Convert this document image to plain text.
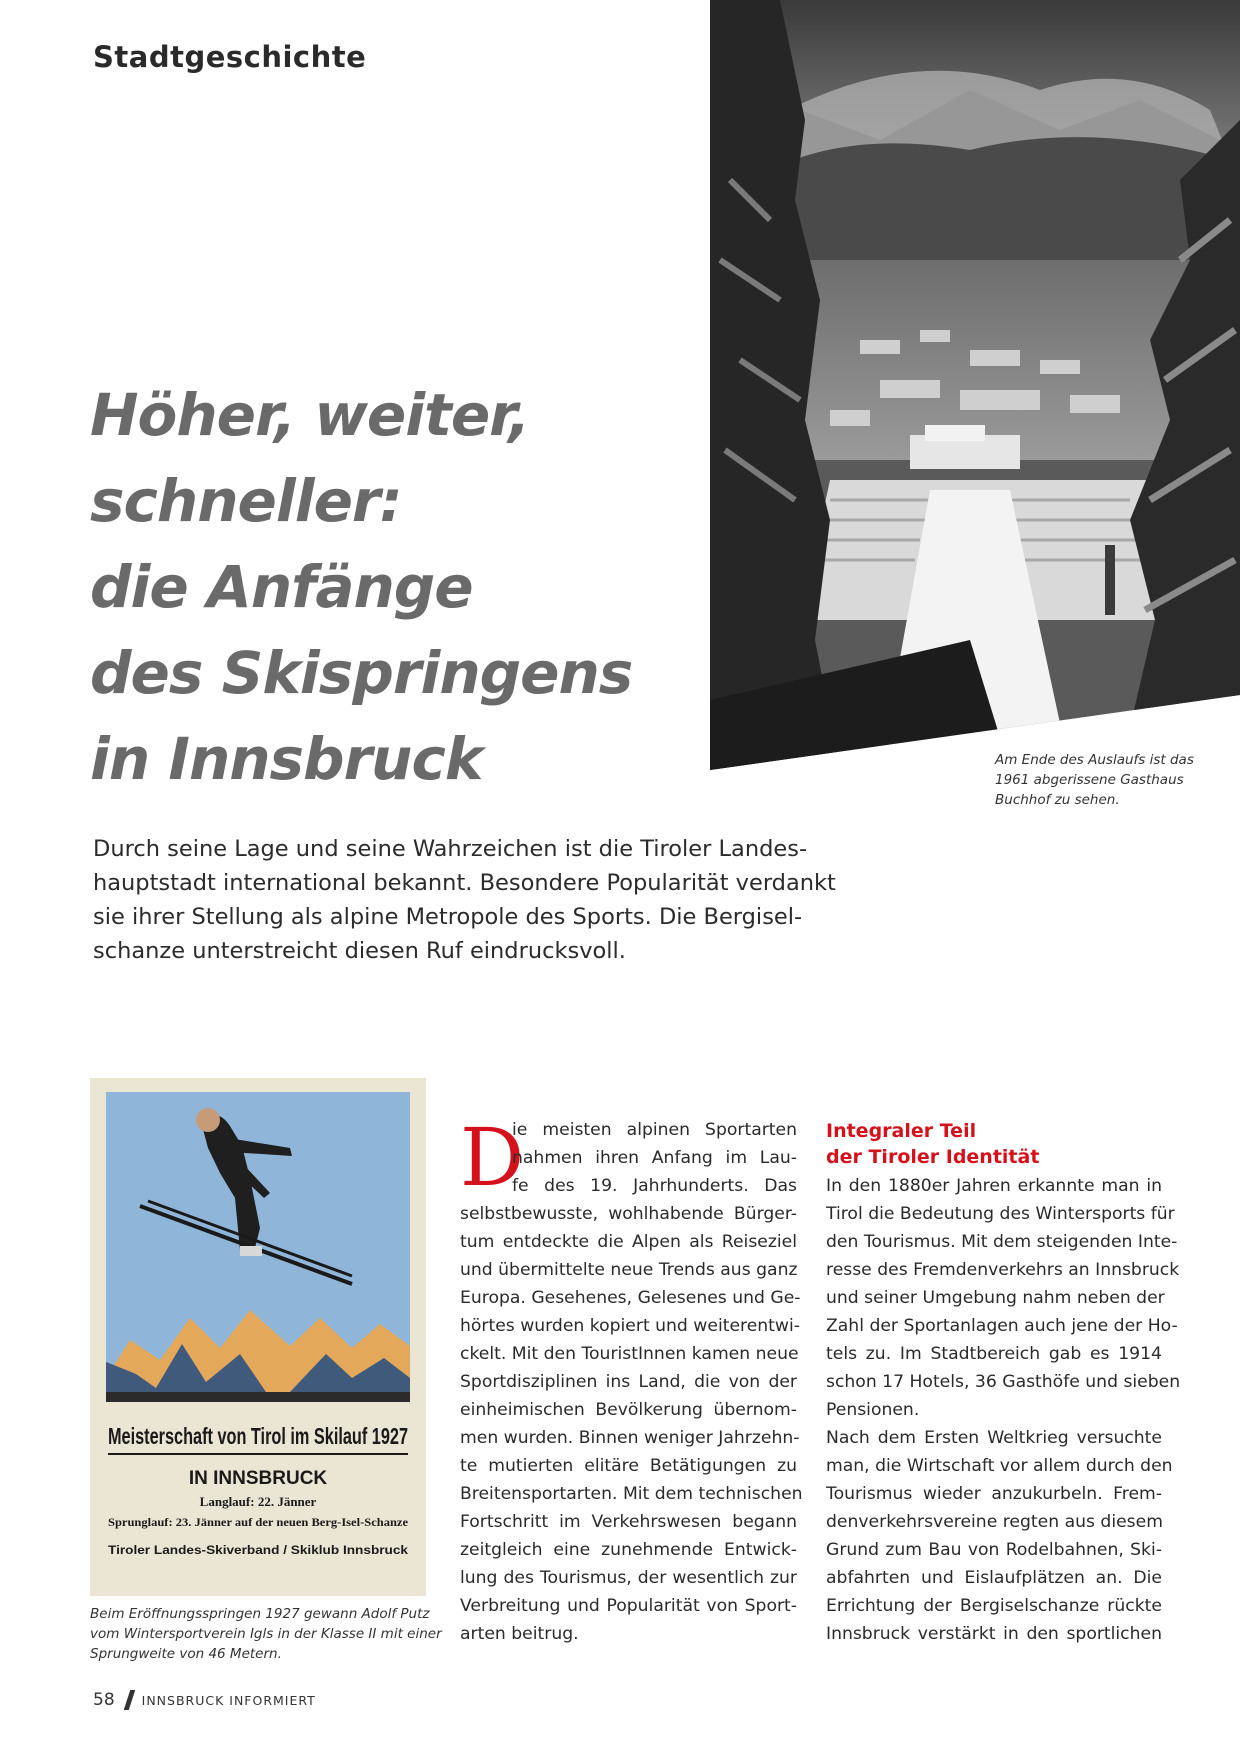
Stadtgeschichte
Am Ende des Auslaufs ist das 1961 abgerissene Gasthaus Buchhof zu sehen.
Höher, weiter,
schneller:
die Anfänge
des Skispringens
in Innsbruck
Durch seine Lage und seine Wahrzeichen ist die Tiroler Landes-
hauptstadt international bekannt. Besondere Popularität verdankt
sie ihrer Stellung als alpine Metropole des Sports. Die Bergisel-
schanze unterstreicht diesen Ruf eindrucksvoll.
Meisterschaft von Tirol im Skilauf 1927
IN INNSBRUCK
Langlauf: 22. Jänner
Sprunglauf: 23. Jänner auf der neuen Berg-Isel-Schanze
Tiroler Landes-Skiverband / Skiklub Innsbruck
Beim Eröffnungsspringen 1927 gewann Adolf Putz
vom Wintersportverein Igls in der Klasse II mit einer
Sprungweite von 46 Metern.
D
ie meisten alpinen Sportarten
nahmen ihren Anfang im Lau-
fe des 19. Jahrhunderts. Das
selbstbewusste, wohlhabende Bürger-
tum entdeckte die Alpen als Reiseziel
und übermittelte neue Trends aus ganz
Europa. Gesehenes, Gelesenes und Ge-
hörtes wurden kopiert und weiterentwi-
ckelt. Mit den TouristInnen kamen neue
Sportdisziplinen ins Land, die von der
einheimischen Bevölkerung übernom-
men wurden. Binnen weniger Jahrzehn-
te mutierten elitäre Betätigungen zu
Breitensportarten. Mit dem technischen
Fortschritt im Verkehrswesen begann
zeitgleich eine zunehmende Entwick-
lung des Tourismus, der wesentlich zur
Verbreitung und Popularität von Sport-
arten beitrug.
Integraler Teil
der Tiroler Identität
In den 1880er Jahren erkannte man in
Tirol die Bedeutung des Wintersports für
den Tourismus. Mit dem steigenden Inte-
resse des Fremdenverkehrs an Innsbruck
und seiner Umgebung nahm neben der
Zahl der Sportanlagen auch jene der Ho-
tels zu. Im Stadtbereich gab es 1914
schon 17 Hotels, 36 Gasthöfe und sieben
Pensionen.
Nach dem Ersten Weltkrieg versuchte
man, die Wirtschaft vor allem durch den
Tourismus wieder anzukurbeln. Frem-
denverkehrsvereine regten aus diesem
Grund zum Bau von Rodelbahnen, Ski-
abfahrten und Eislaufplätzen an. Die
Errichtung der Bergiselschanze rückte
Innsbruck verstärkt in den sportlichen
58 INNSBRUCK INFORMIERT
